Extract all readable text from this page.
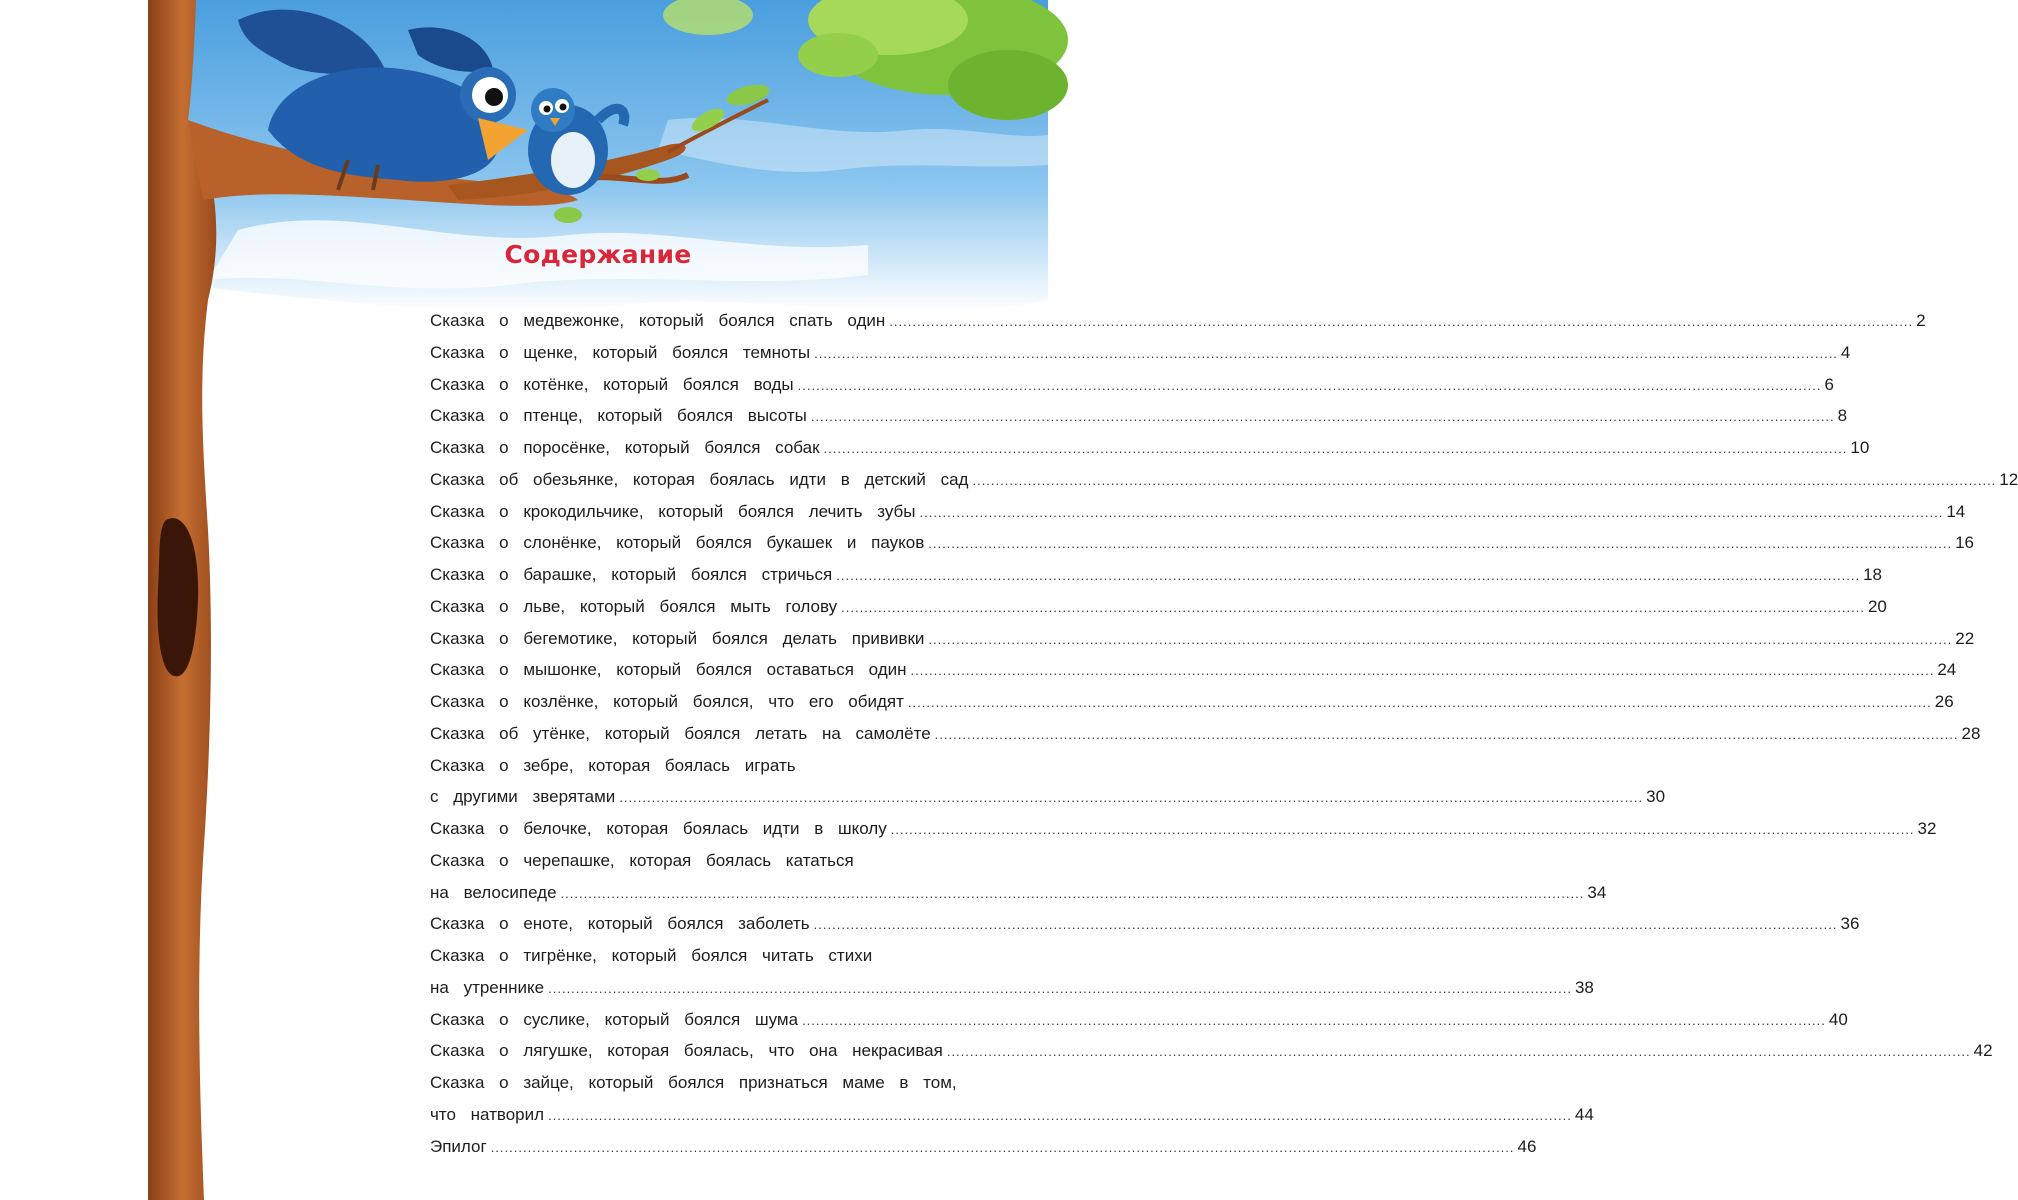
Содержание
Сказка о медвежонке, который боялся спать один .....	2
Сказка о щенке, который боялся темноты .....	4
Сказка о котёнке, который боялся воды .....	6
Сказка о птенце, который боялся высоты .....	8
Сказка о поросёнке, который боялся собак .....	10
Сказка об обезьянке, которая боялась идти в детский сад .....	12
Сказка о крокодильчике, который боялся лечить зубы .....	14
Сказка о слонёнке, который боялся букашек и пауков .....	16
Сказка о барашке, который боялся стричься .....	18
Сказка о льве, который боялся мыть голову .....	20
Сказка о бегемотике, который боялся делать прививки .....	22
Сказка о мышонке, который боялся оставаться один .....	24
Сказка о козлёнке, который боялся, что его обидят .....	26
Сказка об утёнке, который боялся летать на самолёте .....	28
Сказка о зебре, которая боялась играть
с другими зверятами .....	30
Сказка о белочке, которая боялась идти в школу .....	32
Сказка о черепашке, которая боялась кататься
на велосипеде .....	34
Сказка о еноте, который боялся заболеть .....	36
Сказка о тигрёнке, который боялся читать стихи
на утреннике .....	38
Сказка о суслике, который боялся шума .....	40
Сказка о лягушке, которая боялась, что она некрасивая .....	42
Сказка о зайце, который боялся признаться маме в том,
что натворил .....	44
Эпилог .....	46
